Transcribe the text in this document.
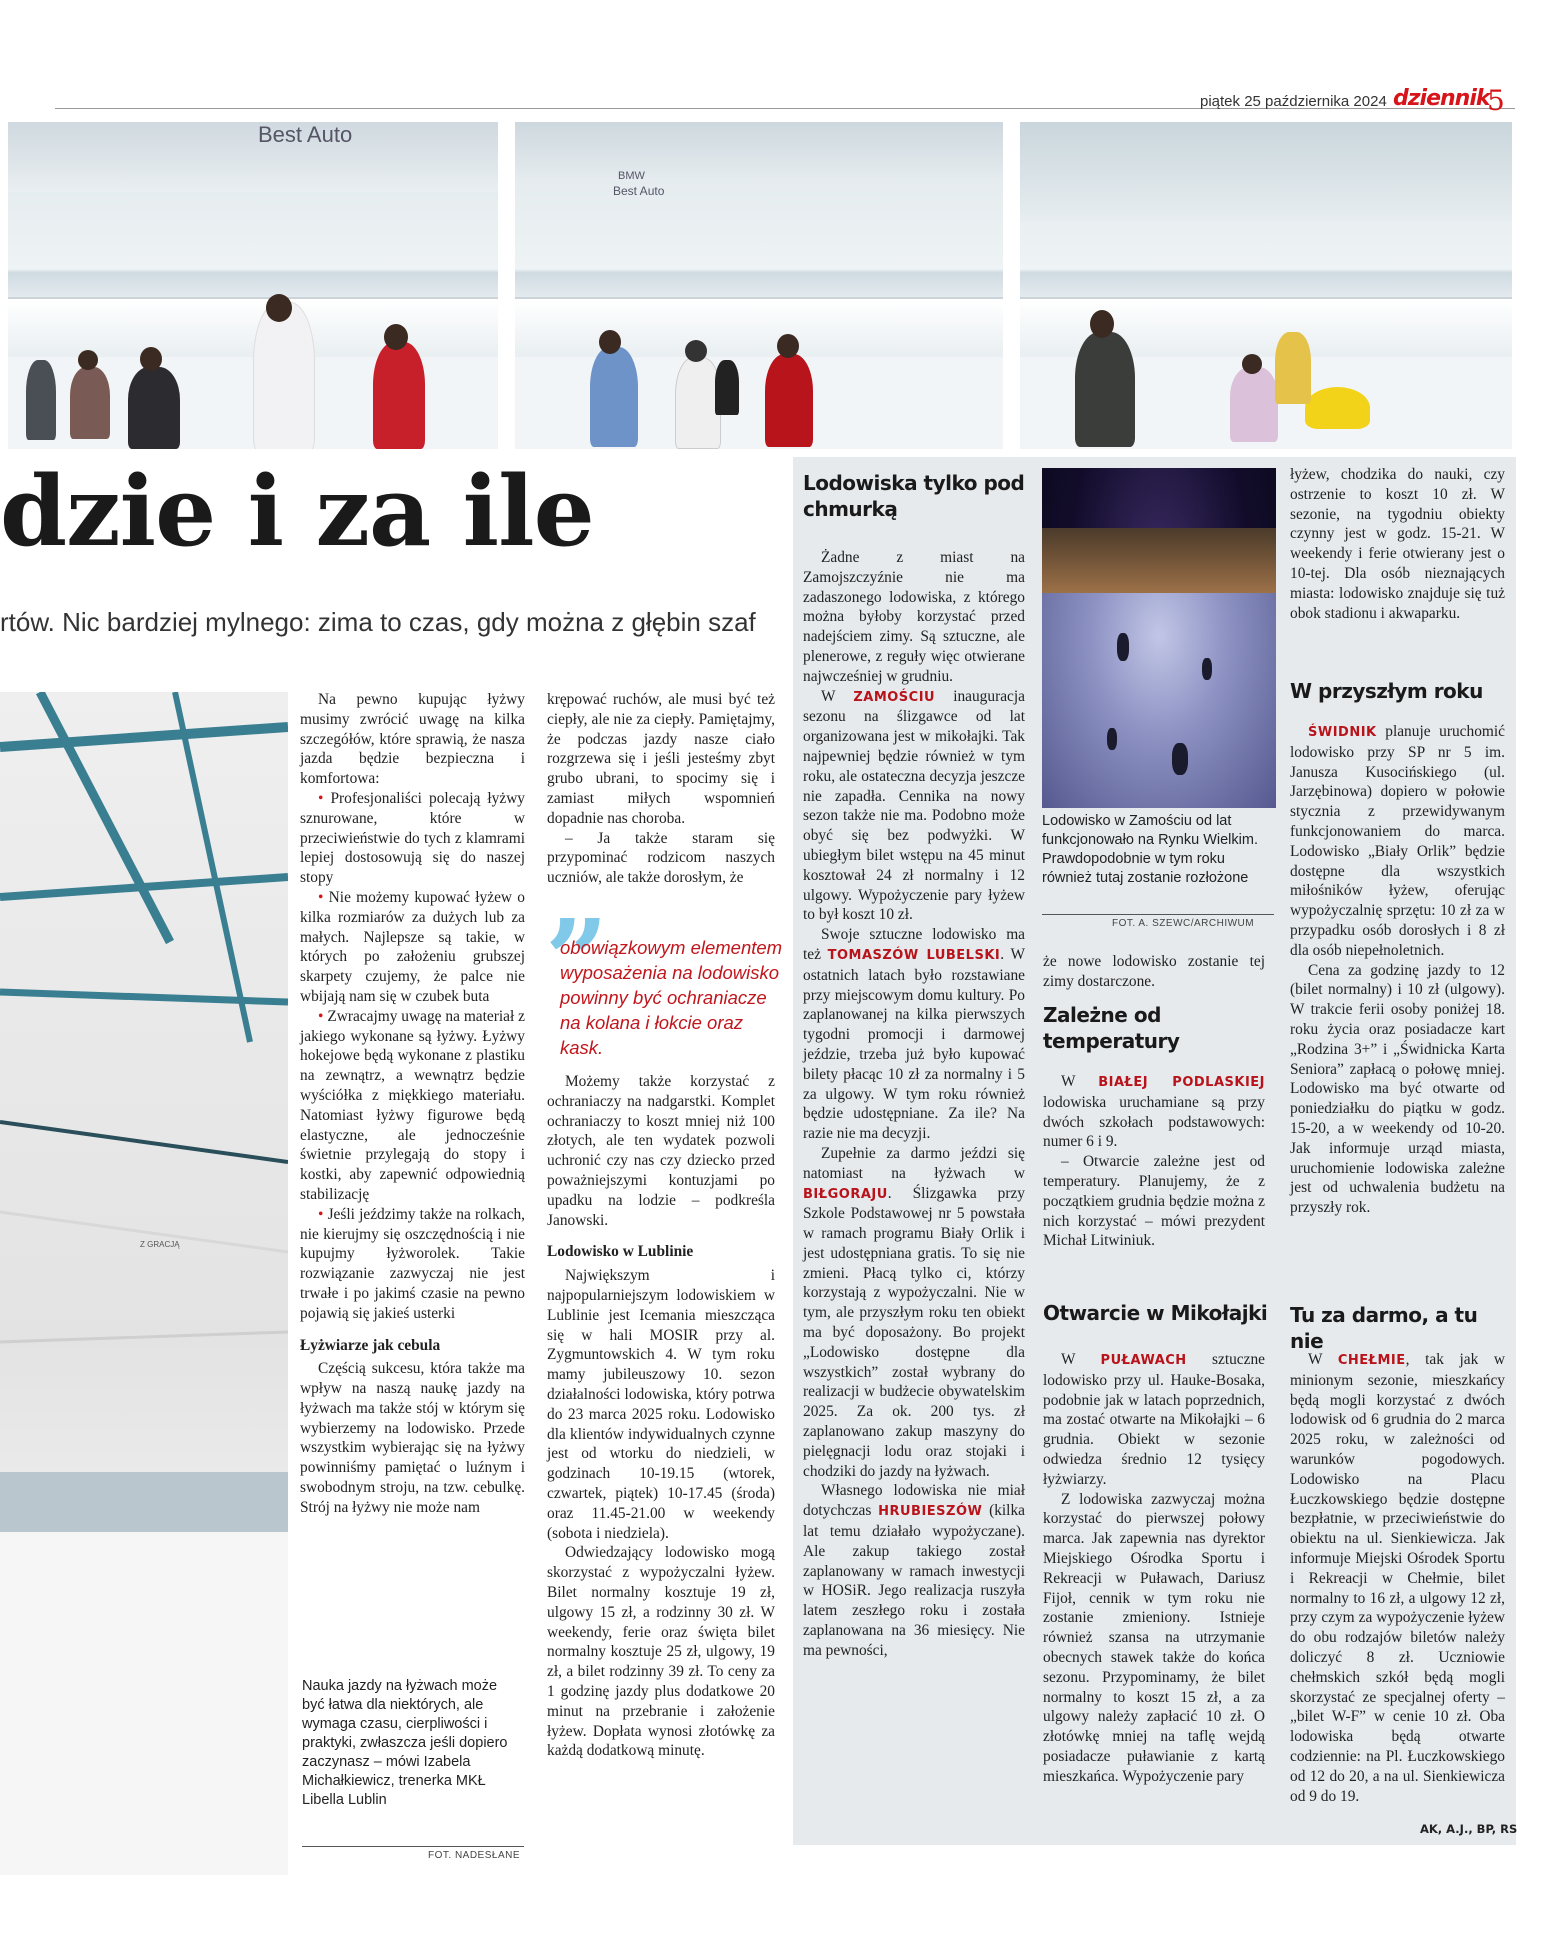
piątek 25 października 2024 dziennik
5
Best Auto
BMW
Best Auto
dzie i za ile
rtów. Nic bardziej mylnego: zima to czas, gdy można z głębin szaf
Z GRACJĄ

Na pewno kupując łyżwy musimy zwrócić uwagę na kilka szczegółów, które sprawią, że nasza jazda będzie bezpieczna i komfortowa:

• Profesjonaliści polecają łyżwy sznurowane, które w przeciwieństwie do tych z klamrami lepiej dostosowują się do naszej stopy

• Nie możemy kupować łyżew o kilka rozmiarów za dużych lub za małych. Najlepsze są takie, w których po założeniu grubszej skarpety czujemy, że palce nie wbijają nam się w czubek buta

• Zwracajmy uwagę na materiał z jakiego wykonane są łyżwy. Łyżwy hokejowe będą wykonane z plastiku na zewnątrz, a wewnątrz będzie wyściółka z miękkiego materiału. Natomiast łyżwy figurowe będą elastyczne, ale jednocześnie świetnie przylegają do stopy i kostki, aby zapewnić odpowiednią stabilizację

• Jeśli jeździmy także na rolkach, nie kierujmy się oszczędnością i nie kupujmy łyżworolek. Takie rozwiązanie zazwyczaj nie jest trwałe i po jakimś czasie na pewno pojawią się jakieś usterki

Łyżwiarze jak cebula

Częścią sukcesu, która także ma wpływ na naszą naukę jazdy na łyżwach ma także stój w którym się wybierzemy na lodowisko. Przede wszystkim wybierając się na łyżwy powinniśmy pamiętać o luźnym i swobodnym stroju, na tzw. cebulkę. Strój na łyżwy nie może nam

Nauka jazdy na łyżwach może być łatwa dla niektórych, ale wymaga czasu, cierpliwości i praktyki, zwłaszcza jeśli dopiero zaczynasz – mówi Izabela Michałkiewicz, trenerka MKŁ Libella Lublin
FOT. NADESŁANE

krępować ruchów, ale musi być też ciepły, ale nie za ciepły. Pamiętajmy, że podczas jazdy nasze ciało rozgrzewa się i jeśli jesteśmy zbyt grubo ubrani, to spocimy się i zamiast miłych wspomnień dopadnie nas choroba.

– Ja także staram się przypominać rodzicom naszych uczniów, ale także dorosłym, że

”
obowiązkowym elementem wyposażenia na lodowisko powinny być ochraniacze na kolana i łokcie oraz kask.

Możemy także korzystać z ochraniaczy na nadgarstki. Komplet ochraniaczy to koszt mniej niż 100 złotych, ale ten wydatek pozwoli uchronić czy nas czy dziecko przed poważniejszymi kontuzjami po upadku na lodzie – podkreśla Janowski.

Lodowisko w Lublinie

Największym i najpopularniejszym lodowiskiem w Lublinie jest Icemania mieszcząca się w hali MOSIR przy al. Zygmuntowskich 4. W tym roku mamy jubileuszowy 10. sezon działalności lodowiska, który potrwa do 23 marca 2025 roku. Lodowisko dla klientów indywidualnych czynne jest od wtorku do niedzieli, w godzinach 10-19.15 (wtorek, czwartek, piątek) 10-17.45 (środa) oraz 11.45-21.00 w weekendy (sobota i niedziela).

Odwiedzający lodowisko mogą skorzystać z wypożyczalni łyżew. Bilet normalny kosztuje 19 zł, ulgowy 15 zł, a rodzinny 30 zł. W weekendy, ferie oraz święta bilet normalny kosztuje 25 zł, ulgowy, 19 zł, a bilet rodzinny 39 zł. To ceny za 1 godzinę jazdy plus dodatkowe 20 minut na przebranie i założenie łyżew. Dopłata wynosi złotówkę za każdą dodatkową minutę.

Lodowiska tylko pod chmurką

Żadne z miast na Zamojszczyźnie nie ma zadaszonego lodowiska, z którego można byłoby korzystać przed nadejściem zimy. Są sztuczne, ale plenerowe, z reguły więc otwierane najwcześniej w grudniu.

W ZAMOŚCIU inauguracja sezonu na ślizgawce od lat organizowana jest w mikołajki. Tak najpewniej będzie również w tym roku, ale ostateczna decyzja jeszcze nie zapadła. Cennika na nowy sezon także nie ma. Podobno może obyć się bez podwyżki. W ubiegłym bilet wstępu na 45 minut kosztował 24 zł normalny i 12 ulgowy. Wypożyczenie pary łyżew to był koszt 10 zł.

Swoje sztuczne lodowisko ma też TOMASZÓW LUBELSKI. W ostatnich latach było rozstawiane przy miejscowym domu kultury. Po zaplanowanej na kilka pierwszych tygodni promocji i darmowej jeździe, trzeba już było kupować bilety płacąc 10 zł za normalny i 5 za ulgowy. W tym roku również będzie udostępniane. Za ile? Na razie nie ma decyzji.

Zupełnie za darmo jeździ się natomiast na łyżwach w BIŁGORAJU. Ślizgawka przy Szkole Podstawowej nr 5 powstała w ramach programu Biały Orlik i jest udostępniana gratis. To się nie zmieni. Płacą tylko ci, którzy korzystają z wypożyczalni. Nie w tym, ale przyszłym roku ten obiekt ma być doposażony. Bo projekt „Lodowisko dostępne dla wszystkich” został wybrany do realizacji w budżecie obywatelskim 2025. Za ok. 200 tys. zł zaplanowano zakup maszyny do pielęgnacji lodu oraz stojaki i chodziki do jazdy na łyżwach.

Własnego lodowiska nie miał dotychczas HRUBIESZÓW (kilka lat temu działało wypożyczane). Ale zakup takiego został zaplanowany w ramach inwestycji w HOSiR. Jego realizacja ruszyła latem zeszłego roku i została zaplanowana na 36 miesięcy. Nie ma pewności,

Lodowisko w Zamościu od lat funkcjonowało na Rynku Wielkim. Prawdopodobnie w tym roku również tutaj zostanie rozłożone
FOT. A. SZEWC/ARCHIWUM

że nowe lodowisko zostanie tej zimy dostarczone.

Zależne od temperatury

W BIAŁEJ PODLASKIEJ lodowiska uruchamiane są przy dwóch szkołach podstawowych: numer 6 i 9.

– Otwarcie zależne jest od temperatury. Planujemy, że z początkiem grudnia będzie można z nich korzystać – mówi prezydent Michał Litwiniuk.

Otwarcie w Mikołajki

W PUŁAWACH sztuczne lodowisko przy ul. Hauke-Bosaka, podobnie jak w latach poprzednich, ma zostać otwarte na Mikołajki – 6 grudnia. Obiekt w sezonie odwiedza średnio 12 tysięcy łyżwiarzy.

Z lodowiska zazwyczaj można korzystać do pierwszej połowy marca. Jak zapewnia nas dyrektor Miejskiego Ośrodka Sportu i Rekreacji w Puławach, Dariusz Fijoł, cennik w tym roku nie zostanie zmieniony. Istnieje również szansa na utrzymanie obecnych stawek także do końca sezonu. Przypominamy, że bilet normalny to koszt 15 zł, a za ulgowy należy zapłacić 10 zł. O złotówkę mniej na taflę wejdą posiadacze puławianie z kartą mieszkańca. Wypożyczenie pary

łyżew, chodzika do nauki, czy ostrzenie to koszt 10 zł. W sezonie, na tygodniu obiekty czynny jest w godz. 15-21. W weekendy i ferie otwierany jest o 10-tej. Dla osób nieznających miasta: lodowisko znajduje się tuż obok stadionu i akwaparku.

W przyszłym roku

ŚWIDNIK planuje uruchomić lodowisko przy SP nr 5 im. Janusza Kusocińskiego (ul. Jarzębinowa) dopiero w połowie stycznia z przewidywanym funkcjonowaniem do marca. Lodowisko „Biały Orlik” będzie dostępne dla wszystkich miłośników łyżew, oferując wypożyczalnię sprzętu: 10 zł za w przypadku osób dorosłych i 8 zł dla osób niepełnoletnich.

Cena za godzinę jazdy to 12 (bilet normalny) i 10 zł (ulgowy). W trakcie ferii osoby poniżej 18. roku życia oraz posiadacze kart „Rodzina 3+” i „Świdnicka Karta Seniora” zapłacą o połowę mniej. Lodowisko ma być otwarte od poniedziałku do piątku w godz. 15-20, a w weekendy od 10-20. Jak informuje urząd miasta, uruchomienie lodowiska zależne jest od uchwalenia budżetu na przyszły rok.

Tu za darmo, a tu nie

W CHEŁMIE, tak jak w minionym sezonie, mieszkańcy będą mogli korzystać z dwóch lodowisk od 6 grudnia do 2 marca 2025 roku, w zależności od warunków pogodowych. Lodowisko na Placu Łuczkowskiego będzie dostępne bezpłatnie, w przeciwieństwie do obiektu na ul. Sienkiewicza. Jak informuje Miejski Ośrodek Sportu i Rekreacji w Chełmie, bilet normalny to 16 zł, a ulgowy 12 zł, przy czym za wypożyczenie łyżew do obu rodzajów biletów należy doliczyć 8 zł. Uczniowie chełmskich szkół będą mogli skorzystać ze specjalnej oferty – „bilet W-F” w cenie 10 zł. Oba lodowiska będą otwarte codziennie: na Pl. Łuczkowskiego od 12 do 20, a na ul. Sienkiewicza od 9 do 19.

AK, A.J., BP, RS
